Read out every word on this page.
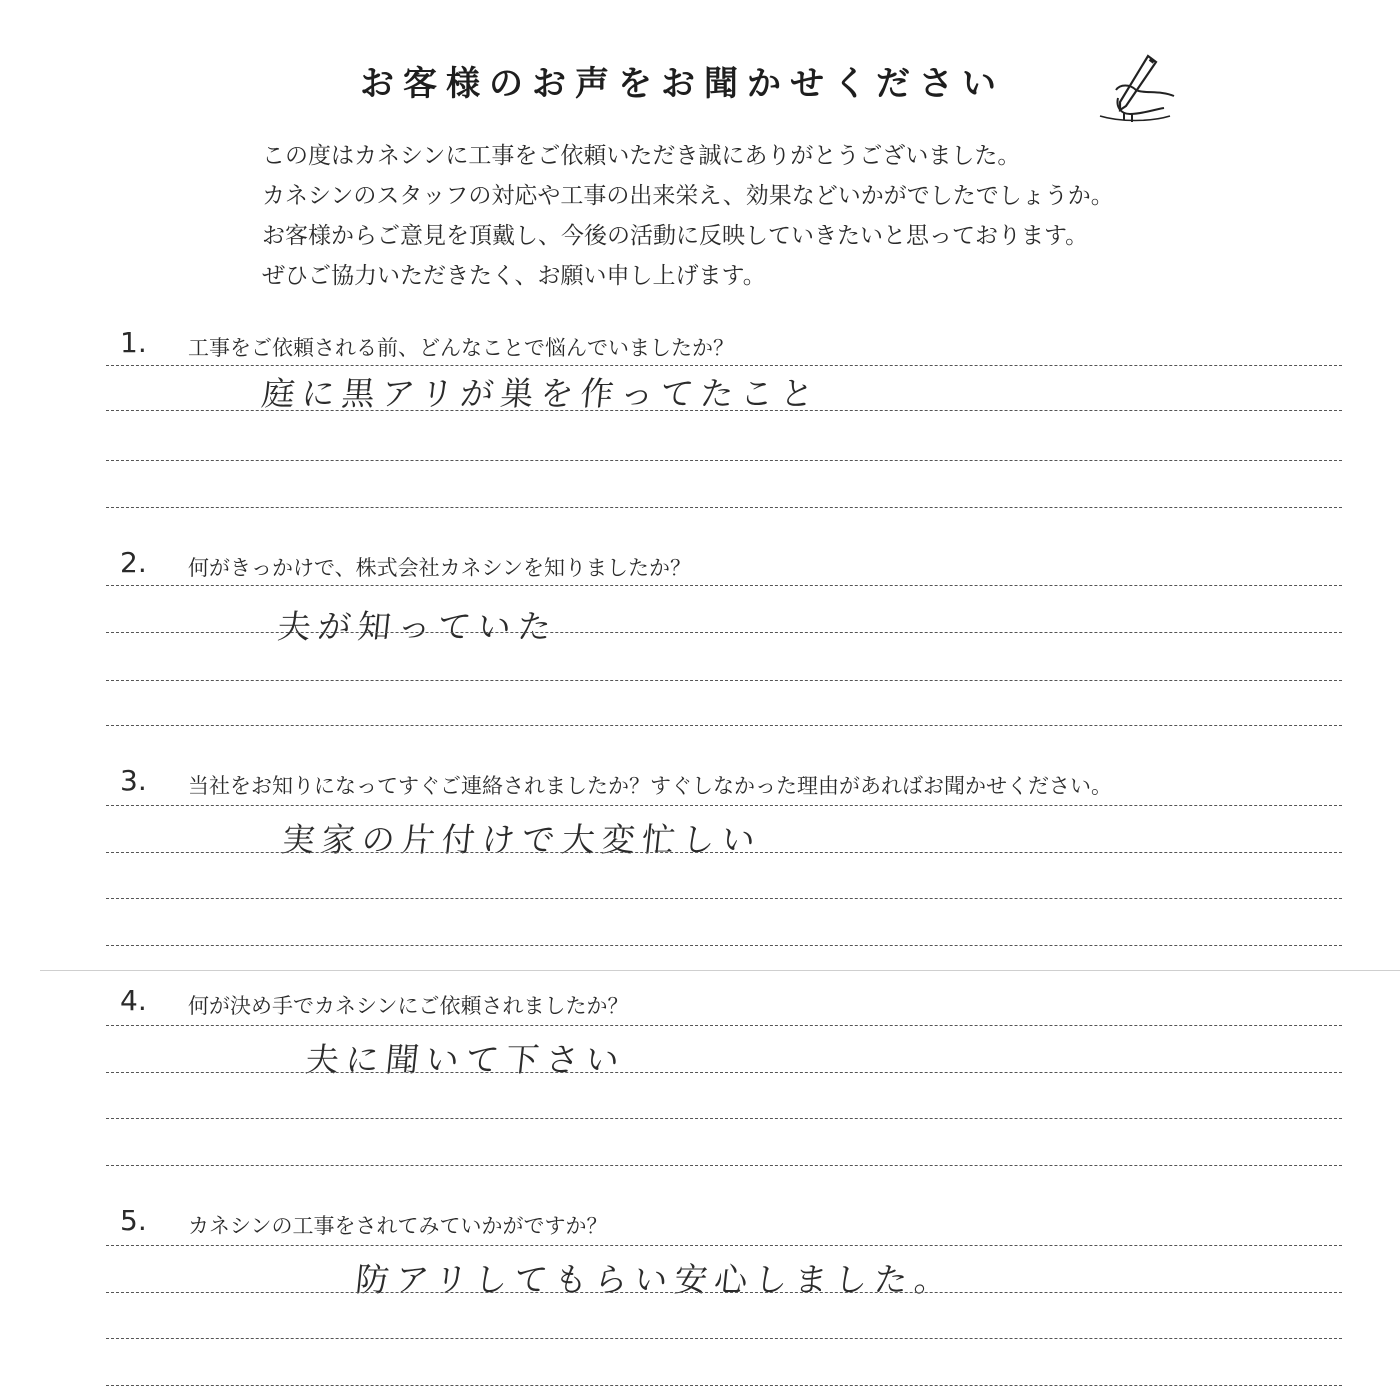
お客様のお声をお聞かせください

この度はカネシンに工事をご依頼いただき誠にありがとうございました。

カネシンのスタッフの対応や工事の出来栄え、効果などいかがでしたでしょうか。

お客様からご意見を頂戴し、今後の活動に反映していきたいと思っております。

ぜひご協力いただきたく、お願い申し上げます。

1. 工事をご依頼される前、どんなことで悩んでいましたか？
庭に黒アリが巣を作ってたこと
2. 何がきっかけで、株式会社カネシンを知りましたか？
夫が知っていた
3. 当社をお知りになってすぐご連絡されましたか？すぐしなかった理由があればお聞かせください。
実家の片付けで大変忙しい
4. 何が決め手でカネシンにご依頼されましたか？
夫に聞いて下さい
5. カネシンの工事をされてみていかがですか？
防アリしてもらい安心しました。
